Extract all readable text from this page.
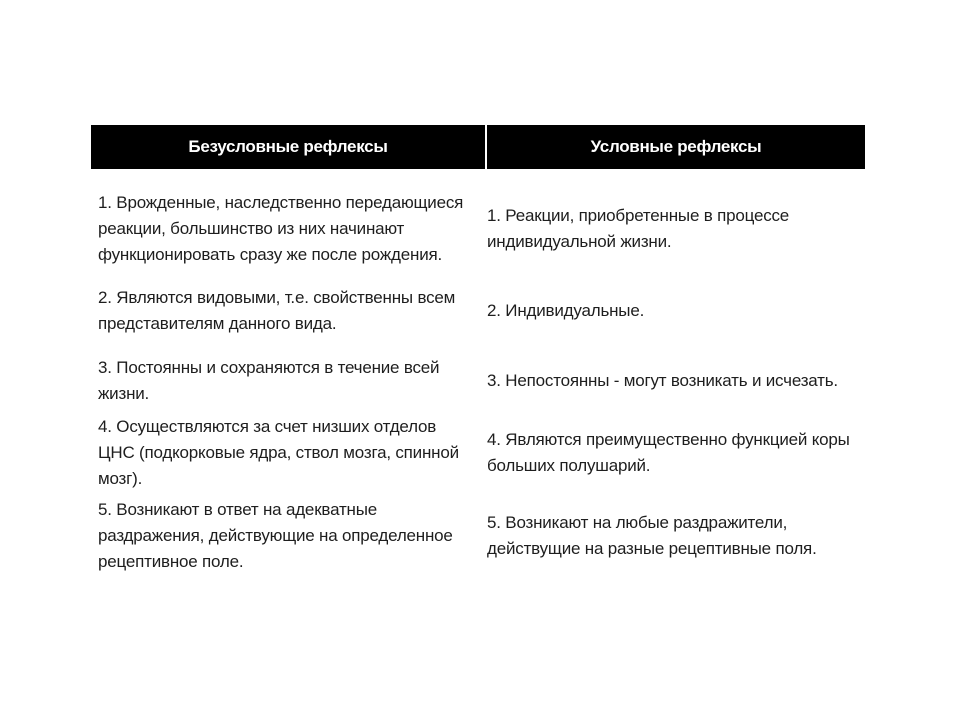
Безусловные рефлексы	Условные рефлексы
1. Врожденные, наследственно передающиеся реакции, большинство из них начинают функционировать сразу же после рождения.
1. Реакции, приобретенные в процессе индивидуальной жизни.
2. Являются видовыми, т.е. свойственны всем представителям данного вида.
2. Индивидуальные.
3. Постоянны и сохраняются в течение всей жизни.
3. Непостоянны - могут возникать и исчезать.
4. Осуществляются за счет низших отделов ЦНС (подкорковые ядра, ствол мозга, спинной мозг).
4. Являются преимущественно функцией коры больших полушарий.
5. Возникают в ответ на адекватные раздражения, действующие на определенное рецептивное поле.
5. Возникают на любые раздражители, действущие на разные рецептивные поля.
